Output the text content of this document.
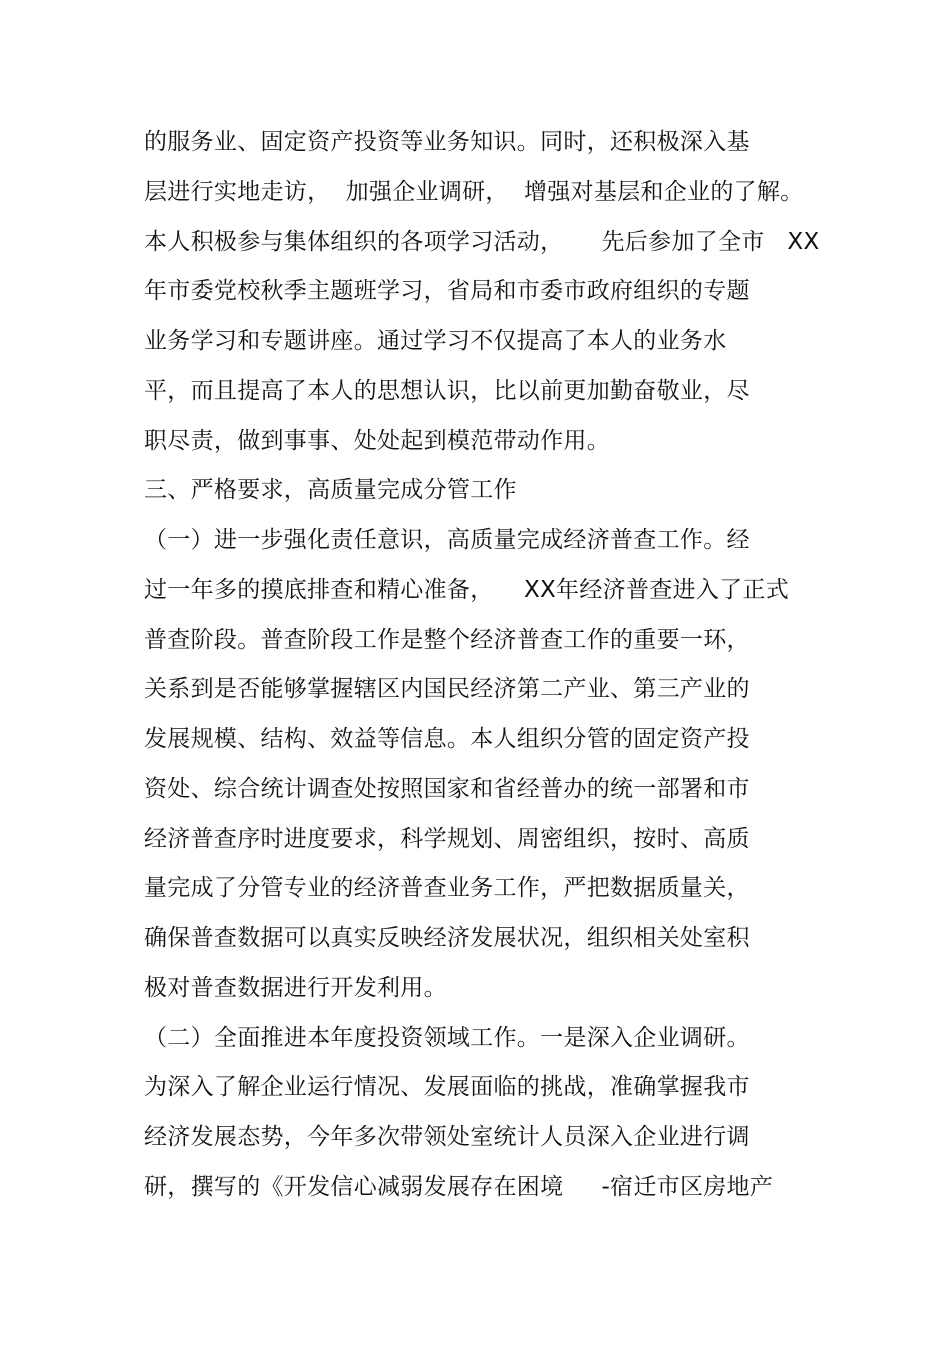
的服务业、固定资产投资等业务知识。同时，还积极深入基
层进行实地走访，  加强企业调研，  增强对基层和企业的了解。
本人积极参与集体组织的各项学习活动，     先后参加了全市   XX
年市委党校秋季主题班学习，省局和市委市政府组织的专题
业务学习和专题讲座。通过学习不仅提高了本人的业务水
平，而且提高了本人的思想认识，比以前更加勤奋敬业，尽
职尽责，做到事事、处处起到模范带动作用。
三、严格要求，高质量完成分管工作
（一）进一步强化责任意识，高质量完成经济普查工作。经
过一年多的摸底排查和精心准备，    XX年经济普查进入了正式
普查阶段。普查阶段工作是整个经济普查工作的重要一环，
关系到是否能够掌握辖区内国民经济第二产业、第三产业的
发展规模、结构、效益等信息。本人组织分管的固定资产投
资处、综合统计调查处按照国家和省经普办的统一部署和市
经济普查序时进度要求，科学规划、周密组织，按时、高质
量完成了分管专业的经济普查业务工作，严把数据质量关，
确保普查数据可以真实反映经济发展状况，组织相关处室积
极对普查数据进行开发利用。
（二）全面推进本年度投资领域工作。一是深入企业调研。
为深入了解企业运行情况、发展面临的挑战，准确掌握我市
经济发展态势，今年多次带领处室统计人员深入企业进行调
研，撰写的《开发信心减弱发展存在困境     -宿迁市区房地产
